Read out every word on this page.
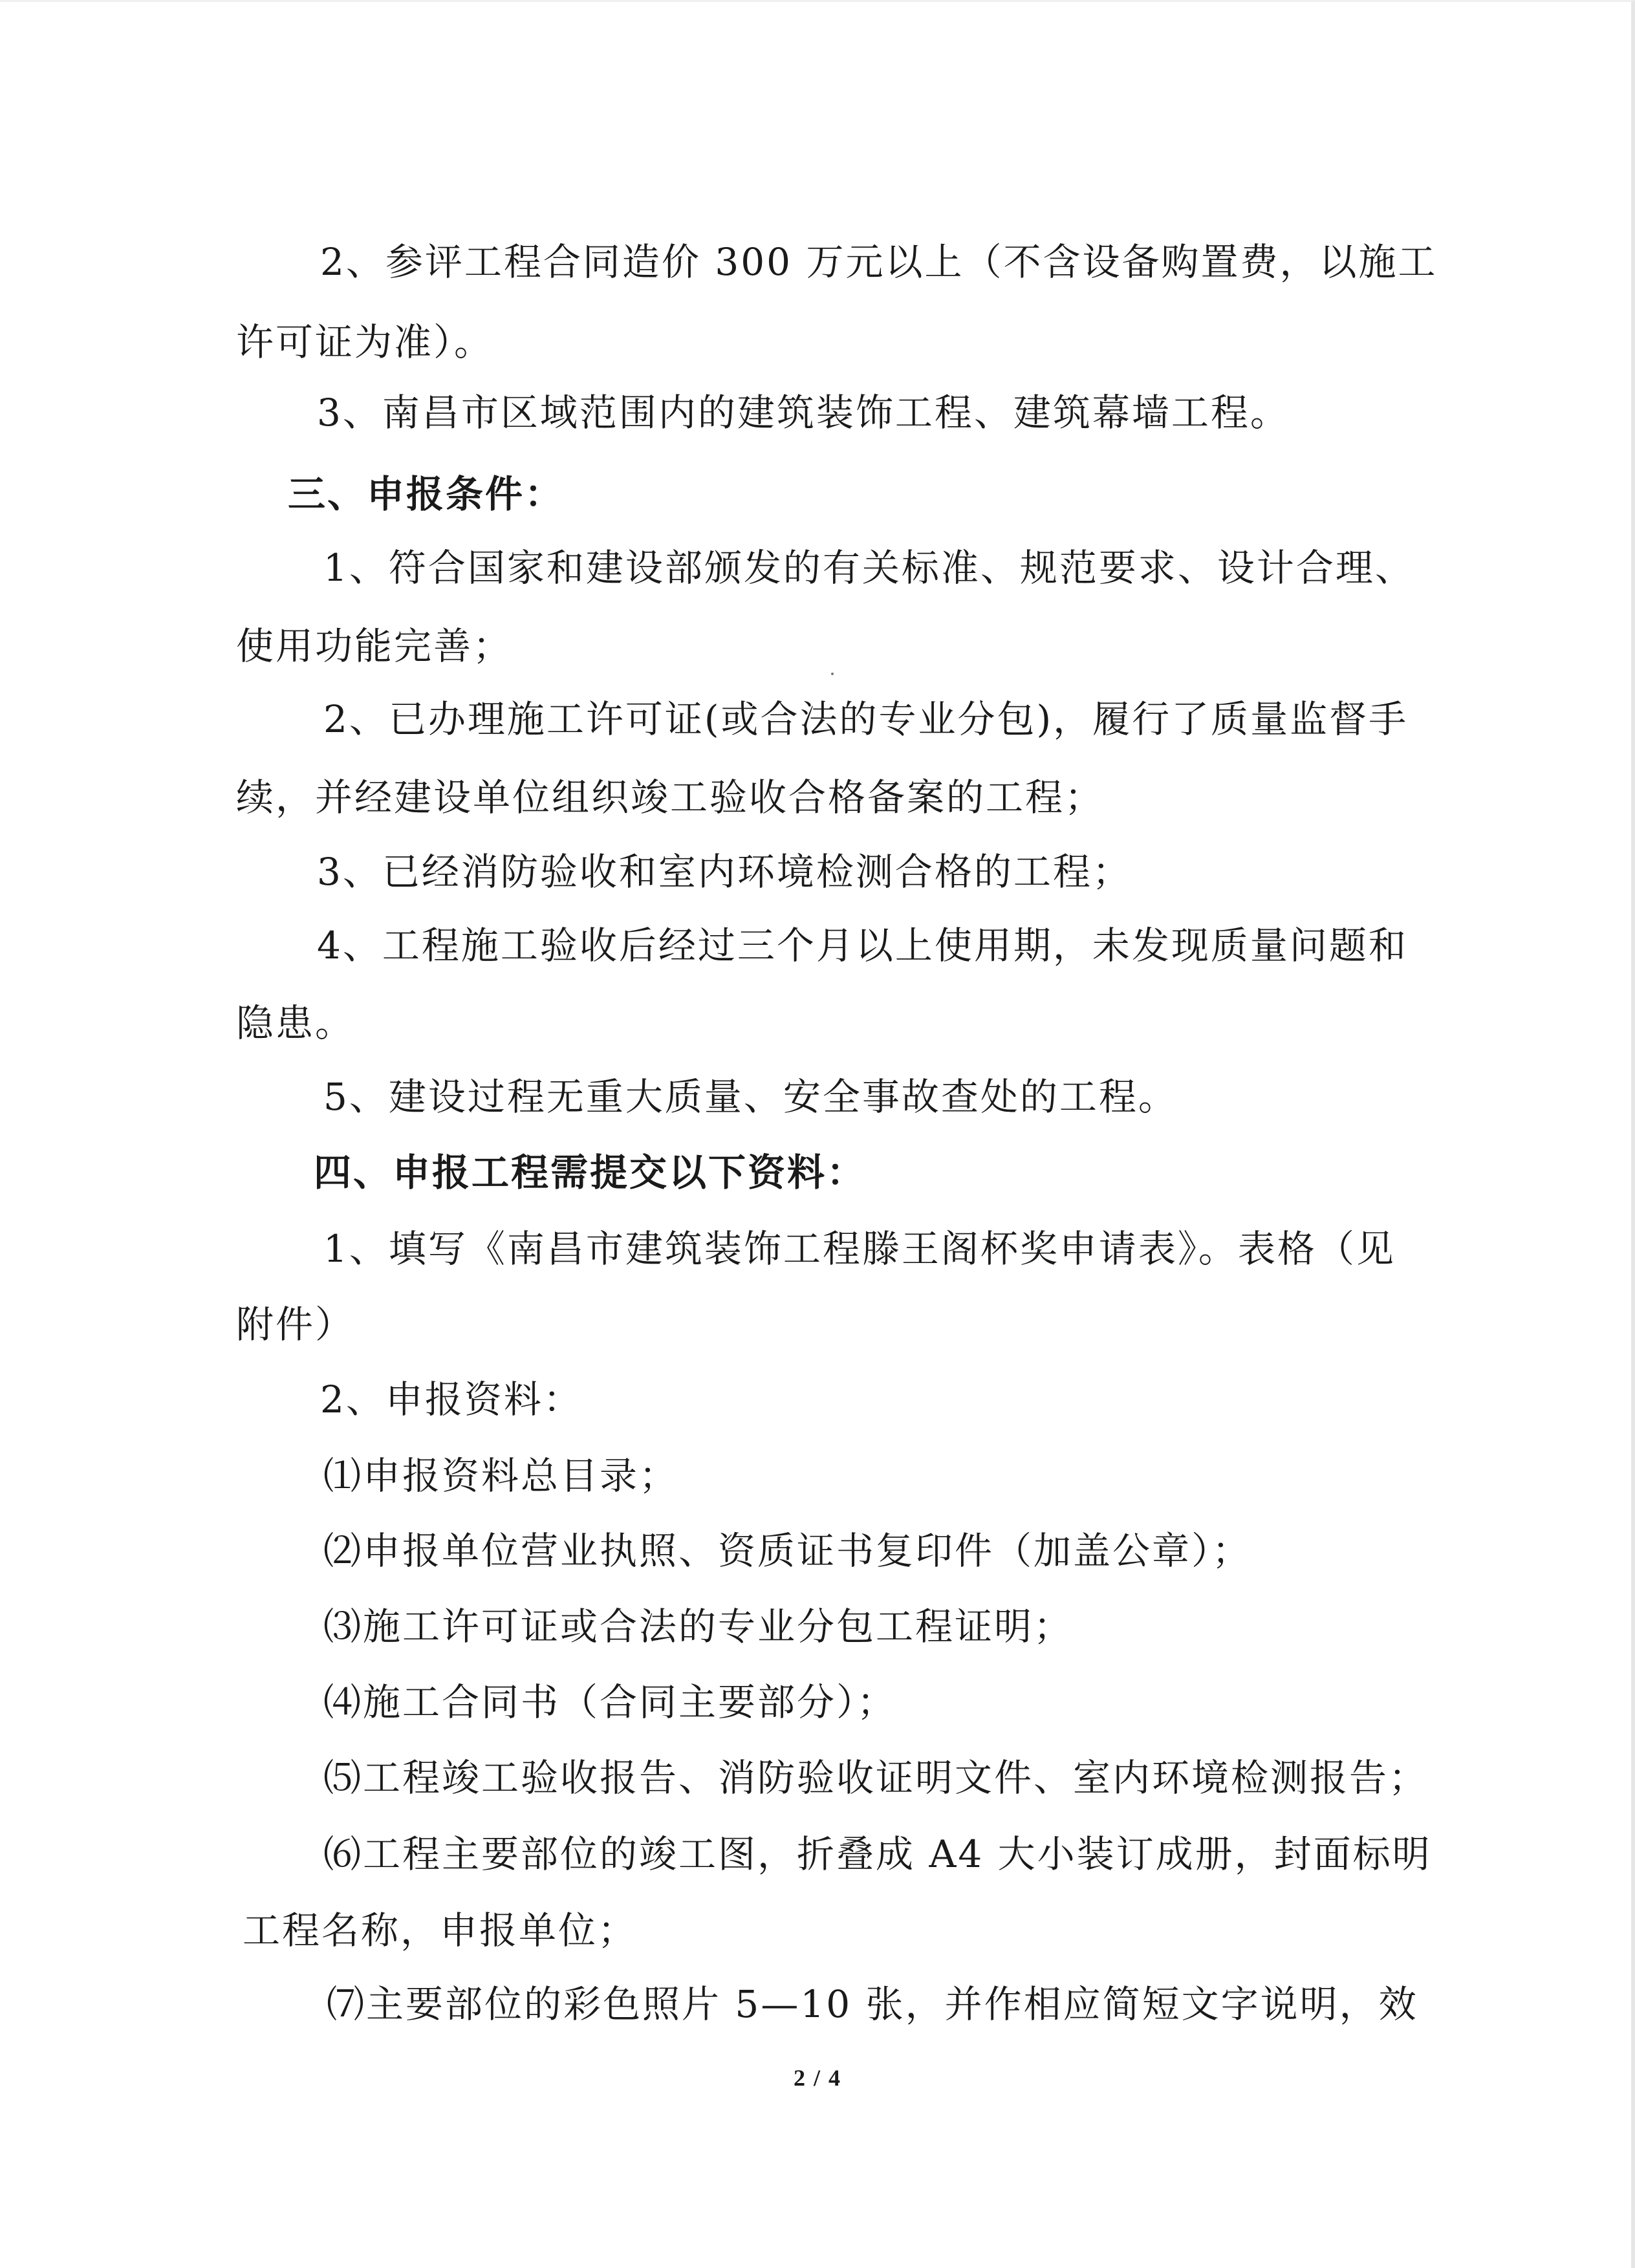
2、参评工程合同造价 300 万元以上（不含设备购置费，以施工
许可证为准）。
3、南昌市区域范围内的建筑装饰工程、建筑幕墙工程。
三、申报条件：
1、符合国家和建设部颁发的有关标准、规范要求、设计合理、
使用功能完善；
2、已办理施工许可证(或合法的专业分包)，履行了质量监督手
续，并经建设单位组织竣工验收合格备案的工程；
3、已经消防验收和室内环境检测合格的工程；
4、工程施工验收后经过三个月以上使用期，未发现质量问题和
隐患。
5、建设过程无重大质量、安全事故查处的工程。
四、申报工程需提交以下资料：
1、填写《南昌市建筑装饰工程滕王阁杯奖申请表》。表格（见
附件）
2、申报资料：
⑴申报资料总目录；
⑵申报单位营业执照、资质证书复印件（加盖公章）；
⑶施工许可证或合法的专业分包工程证明；
⑷施工合同书（合同主要部分）；
⑸工程竣工验收报告、消防验收证明文件、室内环境检测报告；
⑹工程主要部位的竣工图，折叠成 A4 大小装订成册，封面标明
工程名称，申报单位；
⑺主要部位的彩色照片 5—10 张，并作相应简短文字说明，效
2 / 4
